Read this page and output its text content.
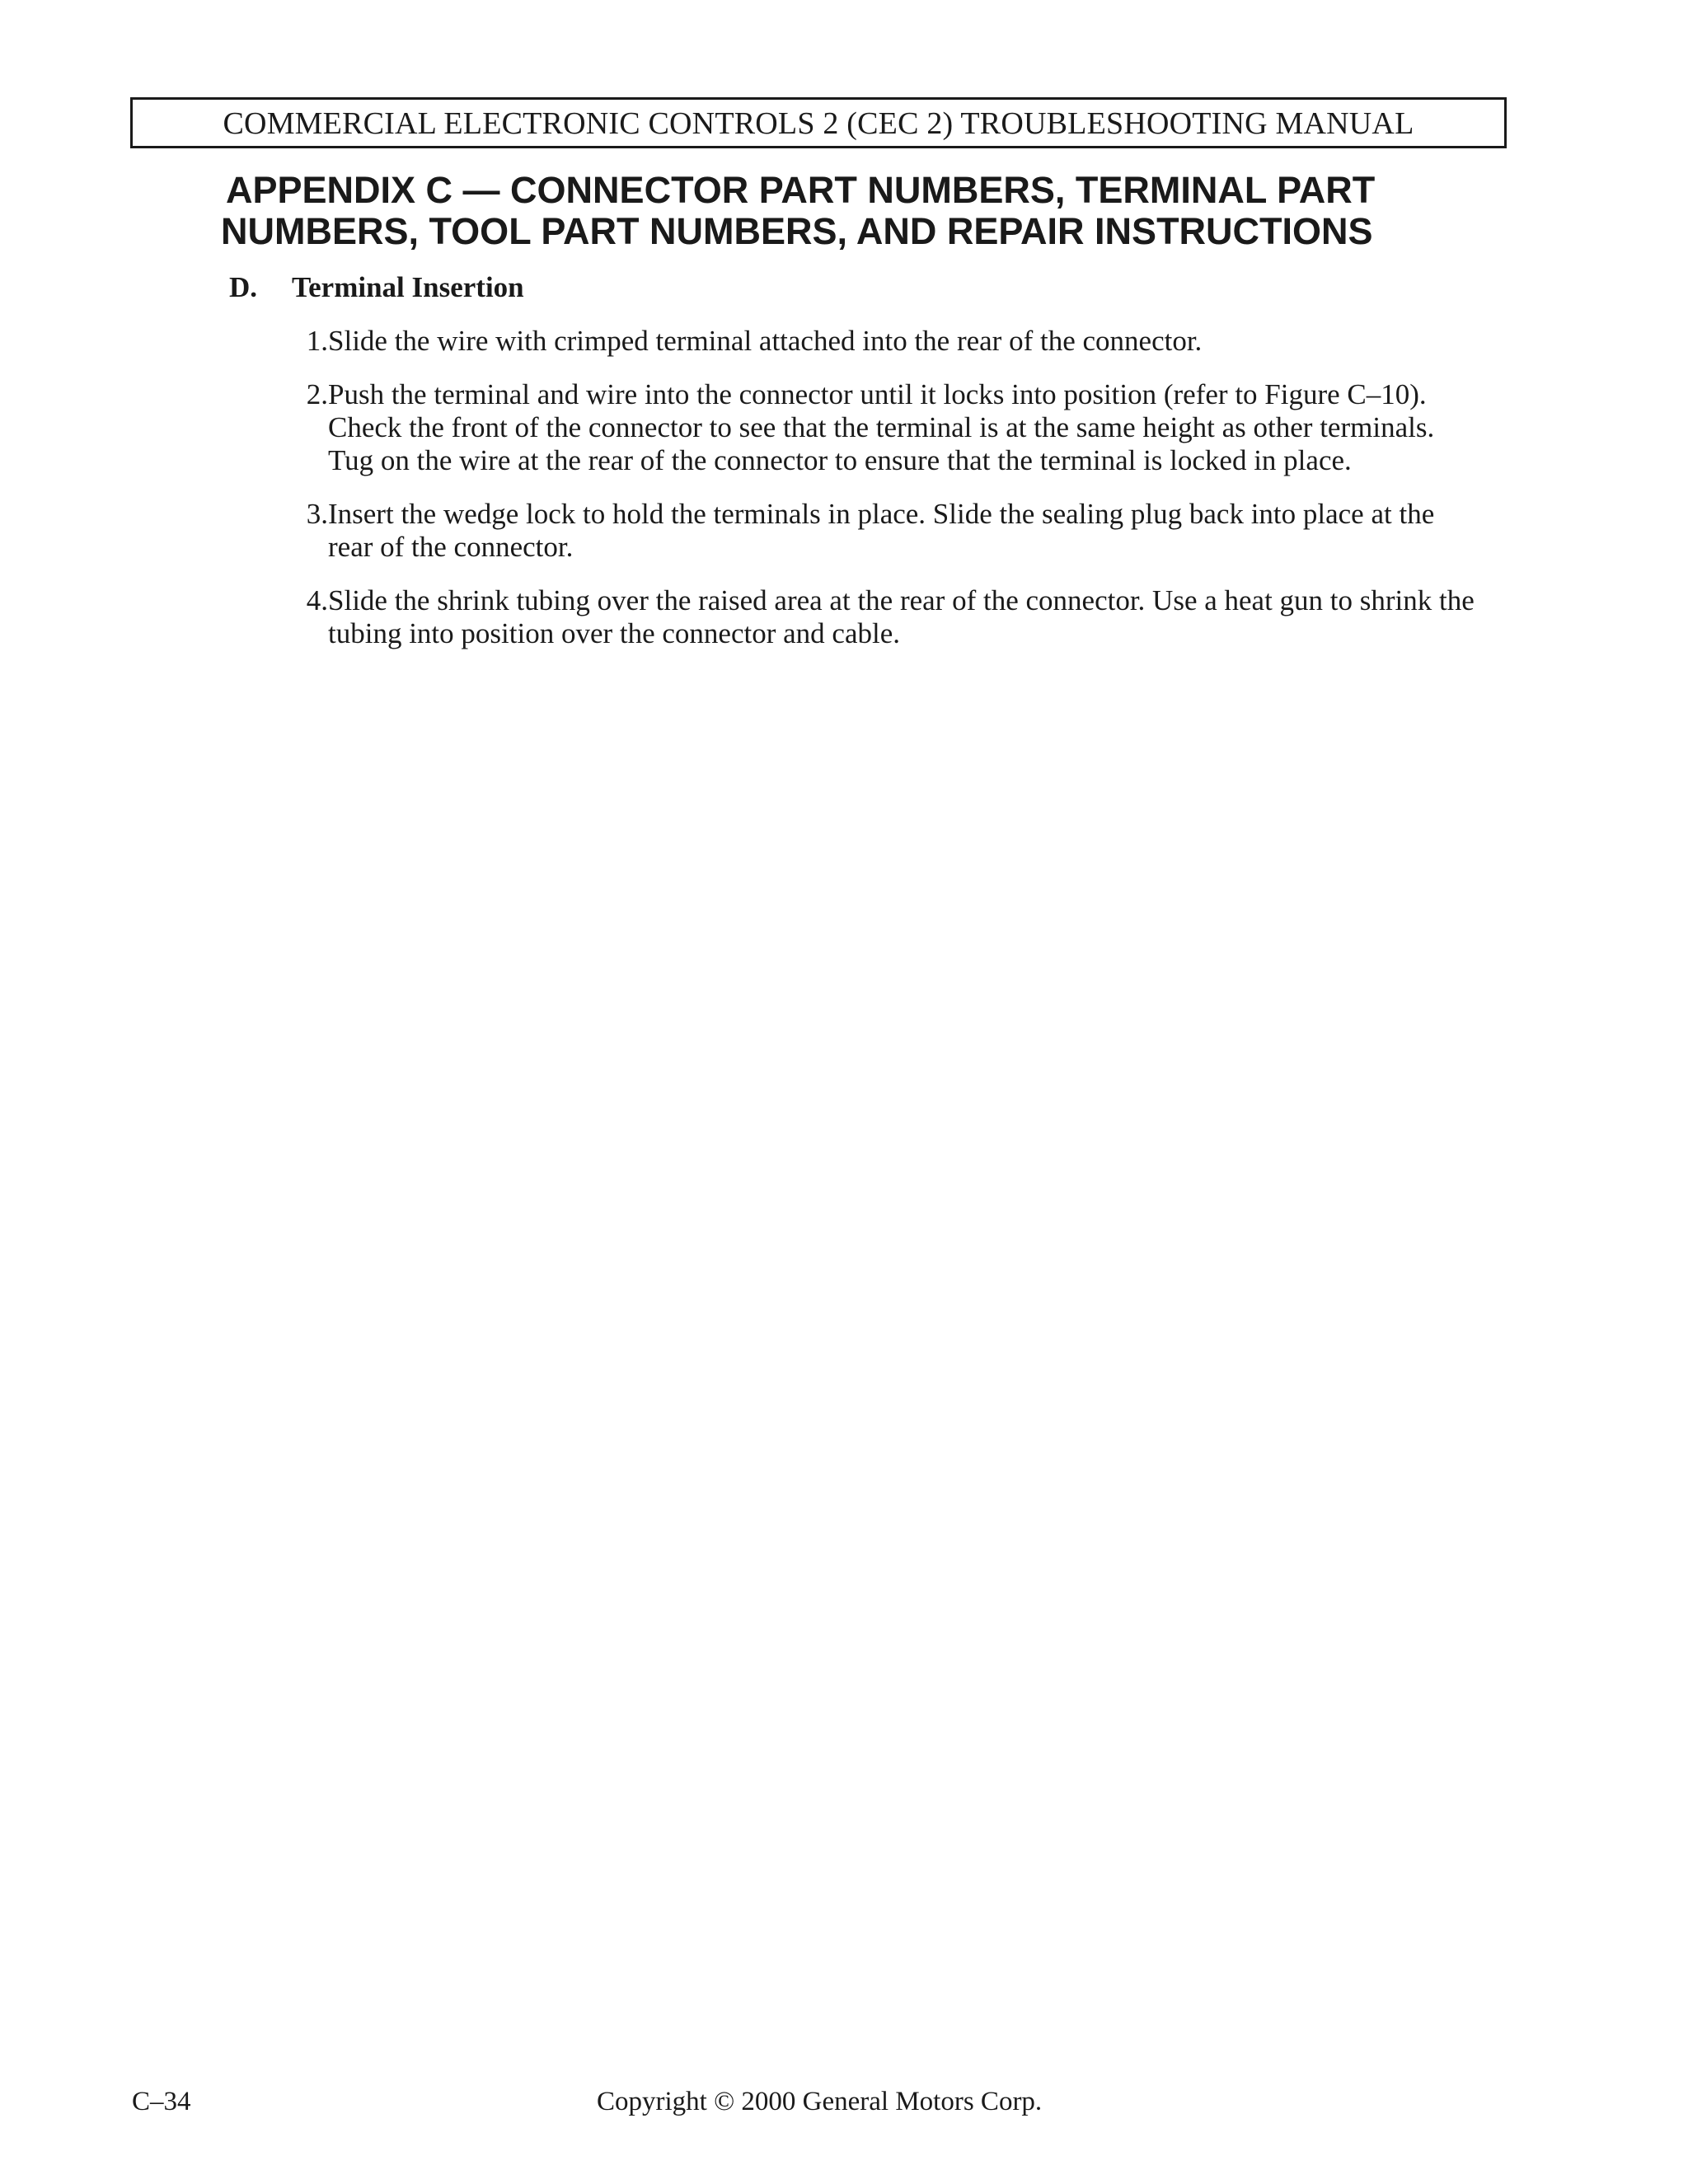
COMMERCIAL ELECTRONIC CONTROLS 2 (CEC 2) TROUBLESHOOTING MANUAL
APPENDIX C — CONNECTOR PART NUMBERS, TERMINAL PART
NUMBERS, TOOL PART NUMBERS, AND REPAIR INSTRUCTIONS
D. Terminal Insertion
1. Slide the wire with crimped terminal attached into the rear of the connector.
2. Push the terminal and wire into the connector until it locks into position (refer to Figure C–10).
Check the front of the connector to see that the terminal is at the same height as other terminals.
Tug on the wire at the rear of the connector to ensure that the terminal is locked in place.
3. Insert the wedge lock to hold the terminals in place. Slide the sealing plug back into place at the
rear of the connector.
4. Slide the shrink tubing over the raised area at the rear of the connector. Use a heat gun to shrink the
tubing into position over the connector and cable.
C–34	Copyright © 2000 General Motors Corp.
